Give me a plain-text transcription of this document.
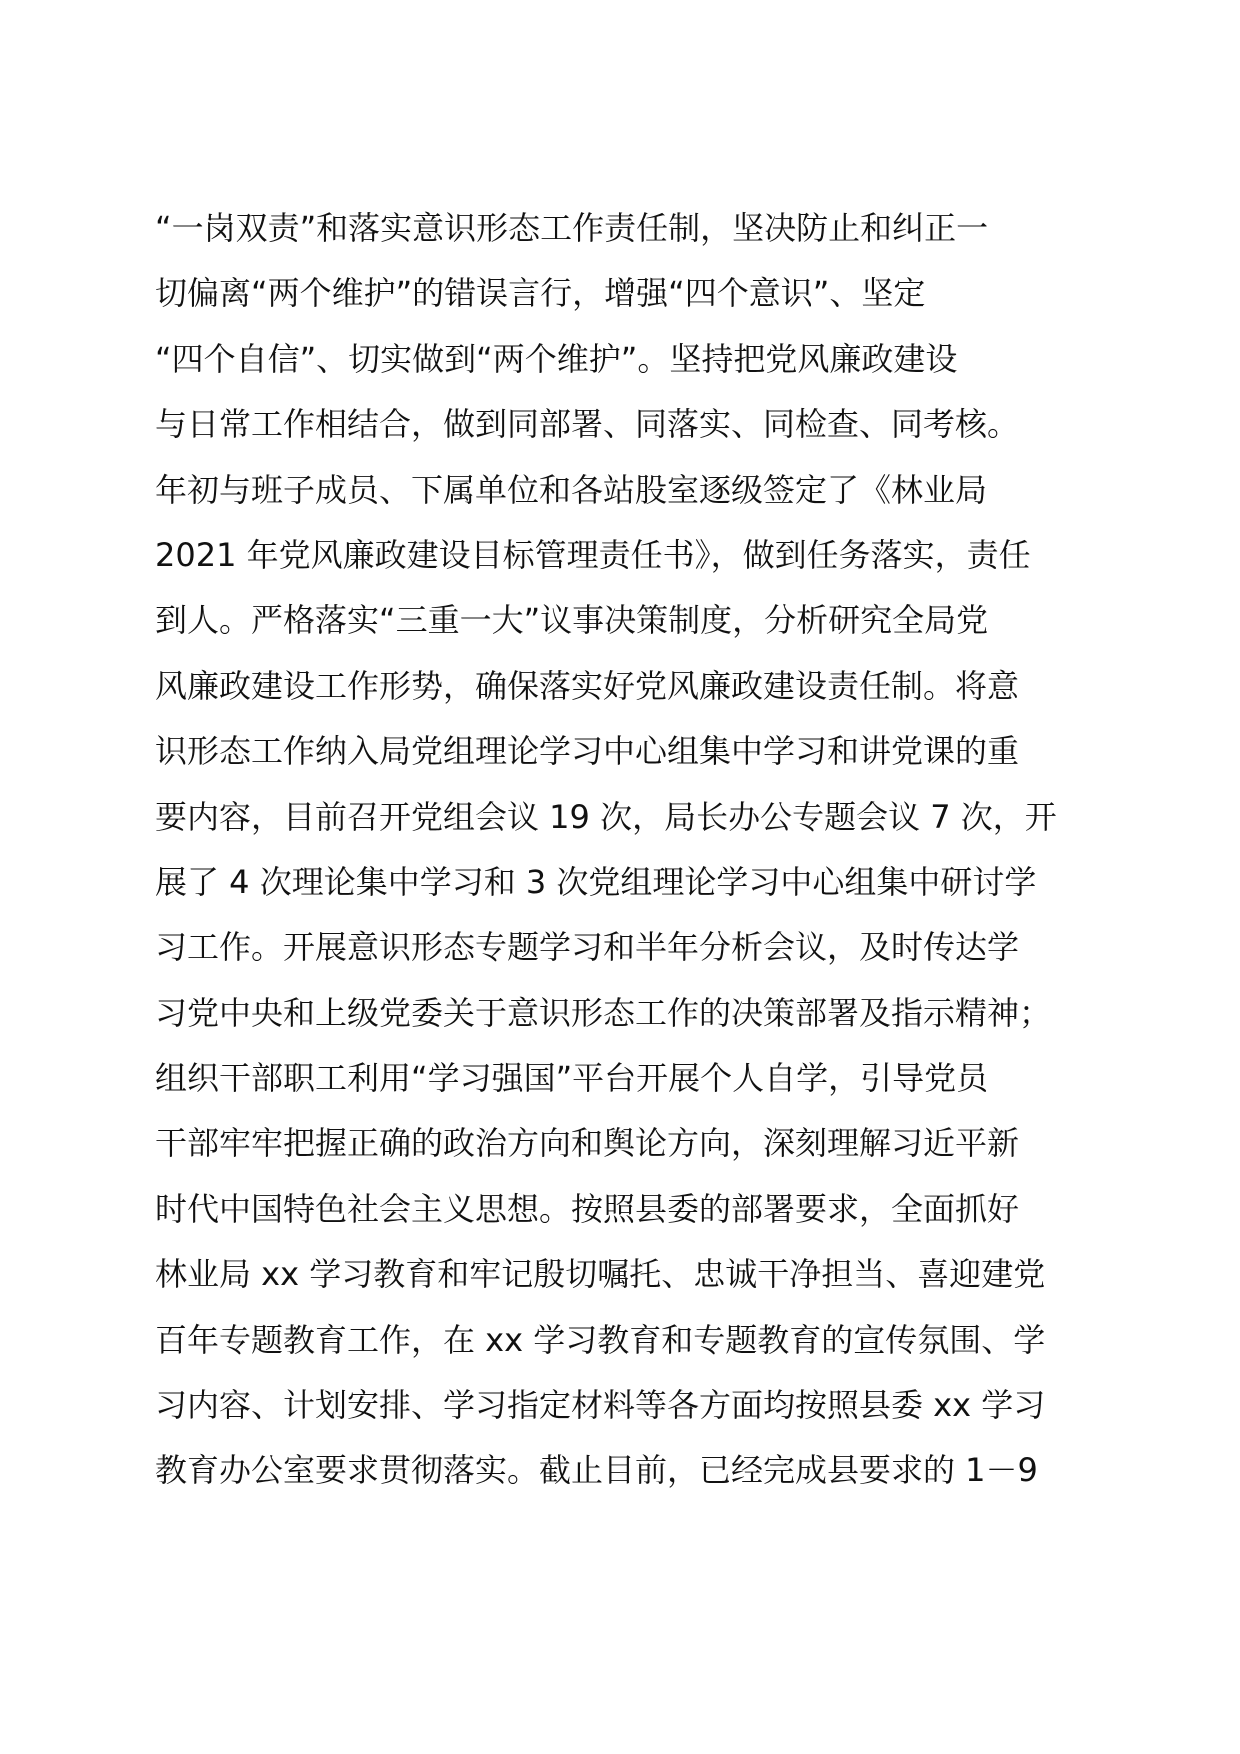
“一岗双责”和落实意识形态工作责任制，坚决防止和纠正一
切偏离“两个维护”的错误言行，增强“四个意识”、坚定
“四个自信”、切实做到“两个维护”。坚持把党风廉政建设
与日常工作相结合，做到同部署、同落实、同检查、同考核。
年初与班子成员、下属单位和各站股室逐级签定了《林业局
2021 年党风廉政建设目标管理责任书》，做到任务落实，责任
到人。严格落实“三重一大”议事决策制度，分析研究全局党
风廉政建设工作形势，确保落实好党风廉政建设责任制。将意
识形态工作纳入局党组理论学习中心组集中学习和讲党课的重
要内容，目前召开党组会议 19 次，局长办公专题会议 7 次，开
展了 4 次理论集中学习和 3 次党组理论学习中心组集中研讨学
习工作。开展意识形态专题学习和半年分析会议，及时传达学
习党中央和上级党委关于意识形态工作的决策部署及指示精神；
组织干部职工利用“学习强国”平台开展个人自学，引导党员
干部牢牢把握正确的政治方向和舆论方向，深刻理解习近平新
时代中国特色社会主义思想。按照县委的部署要求，全面抓好
林业局 xx 学习教育和牢记殷切嘱托、忠诚干净担当、喜迎建党
百年专题教育工作，在 xx 学习教育和专题教育的宣传氛围、学
习内容、计划安排、学习指定材料等各方面均按照县委 xx 学习
教育办公室要求贯彻落实。截止目前，已经完成县要求的 1－9
